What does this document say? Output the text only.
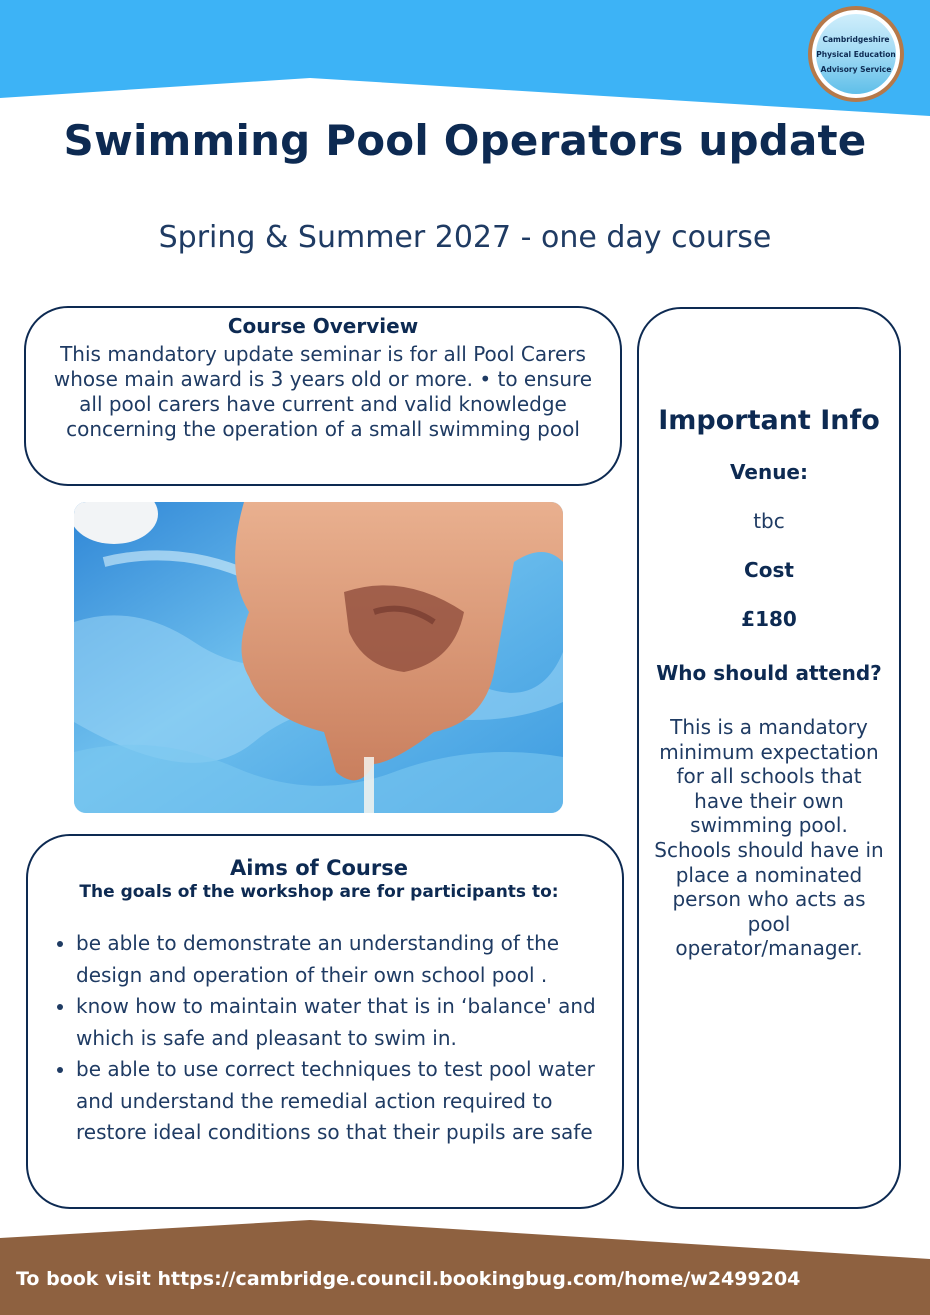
Cambridgeshire
Physical Education
Advisory Service
Swimming Pool Operators update

Spring & Summer 2027 - one day course

Course Overview

This mandatory update seminar is for all Pool Carers whose main award is 3 years old or more. • to ensure all pool carers have current and valid knowledge concerning the operation of a small swimming pool

Aims of Course
The goals of the workshop are for participants to:
• be able to demonstrate an understanding of the design and operation of their own school pool .
• know how to maintain water that is in ‘balance' and which is safe and pleasant to swim in.
• be able to use correct techniques to test pool water and understand the remedial action required to restore ideal conditions so that their pupils are safe
Important Info

Venue:

tbc

Cost

£180

Who should attend?

This is a mandatory minimum expectation for all schools that have their own swimming pool. Schools should have in place a nominated person who acts as pool operator/manager.

To book visit https://cambridge.council.bookingbug.com/home/w2499204
